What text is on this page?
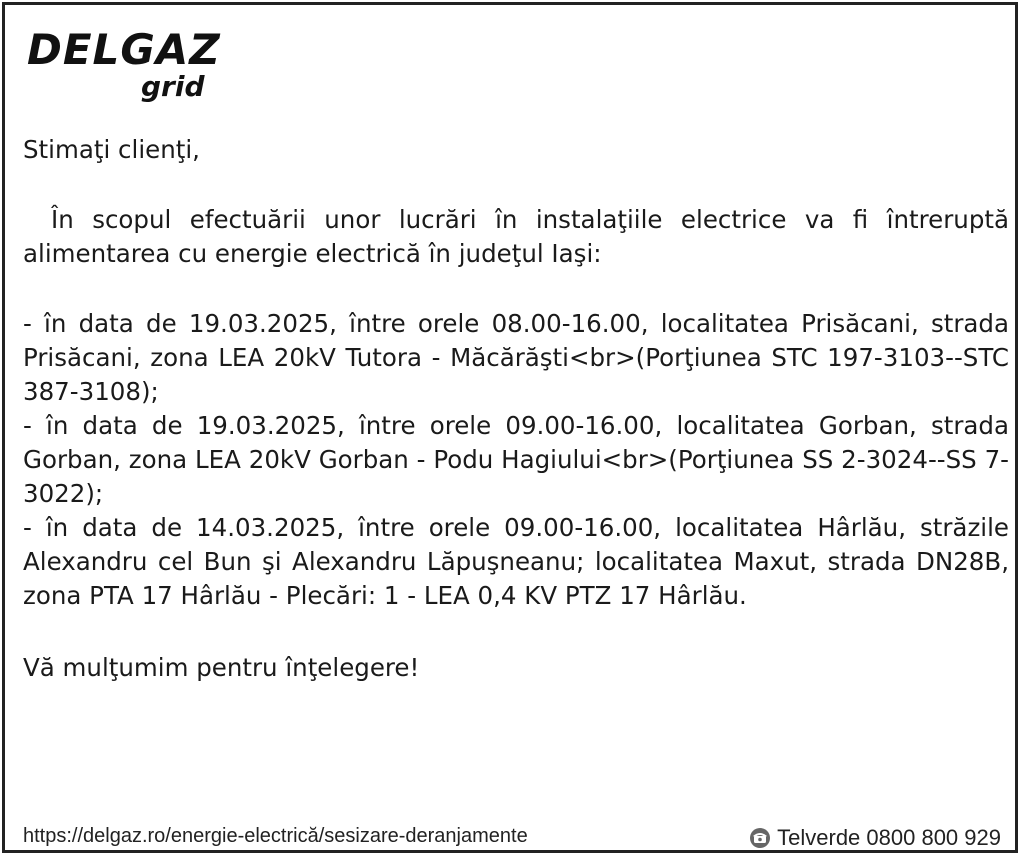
DELGAZ
grid

Stimaţi clienţi,

În scopul efectuării unor lucrări în instalaţiile electrice va fi întreruptă alimentarea cu energie electrică în judeţul Iaşi:

- în data de 19.03.2025, între orele 08.00-16.00, localitatea Prisăcani, strada Prisăcani, zona LEA 20kV Tutora - Măcărăşti<br>(Porţiunea STC 197-3103--STC 387-3108);

- în data de 19.03.2025, între orele 09.00-16.00, localitatea Gorban, strada Gorban, zona LEA 20kV Gorban - Podu Hagiului<br>(Porţiunea SS 2-3024--SS 7-3022);

- în data de 14.03.2025, între orele 09.00-16.00, localitatea Hârlău, străzile Alexandru cel Bun şi Alexandru Lăpuşneanu; localitatea Maxut, strada DN28B, zona PTA 17 Hârlău - Plecări: 1 - LEA 0,4 KV PTZ 17 Hârlău.

Vă mulţumim pentru înţelegere!

https://delgaz.ro/energie-electrică/sesizare-deranjamente	Telverde 0800 800 929
